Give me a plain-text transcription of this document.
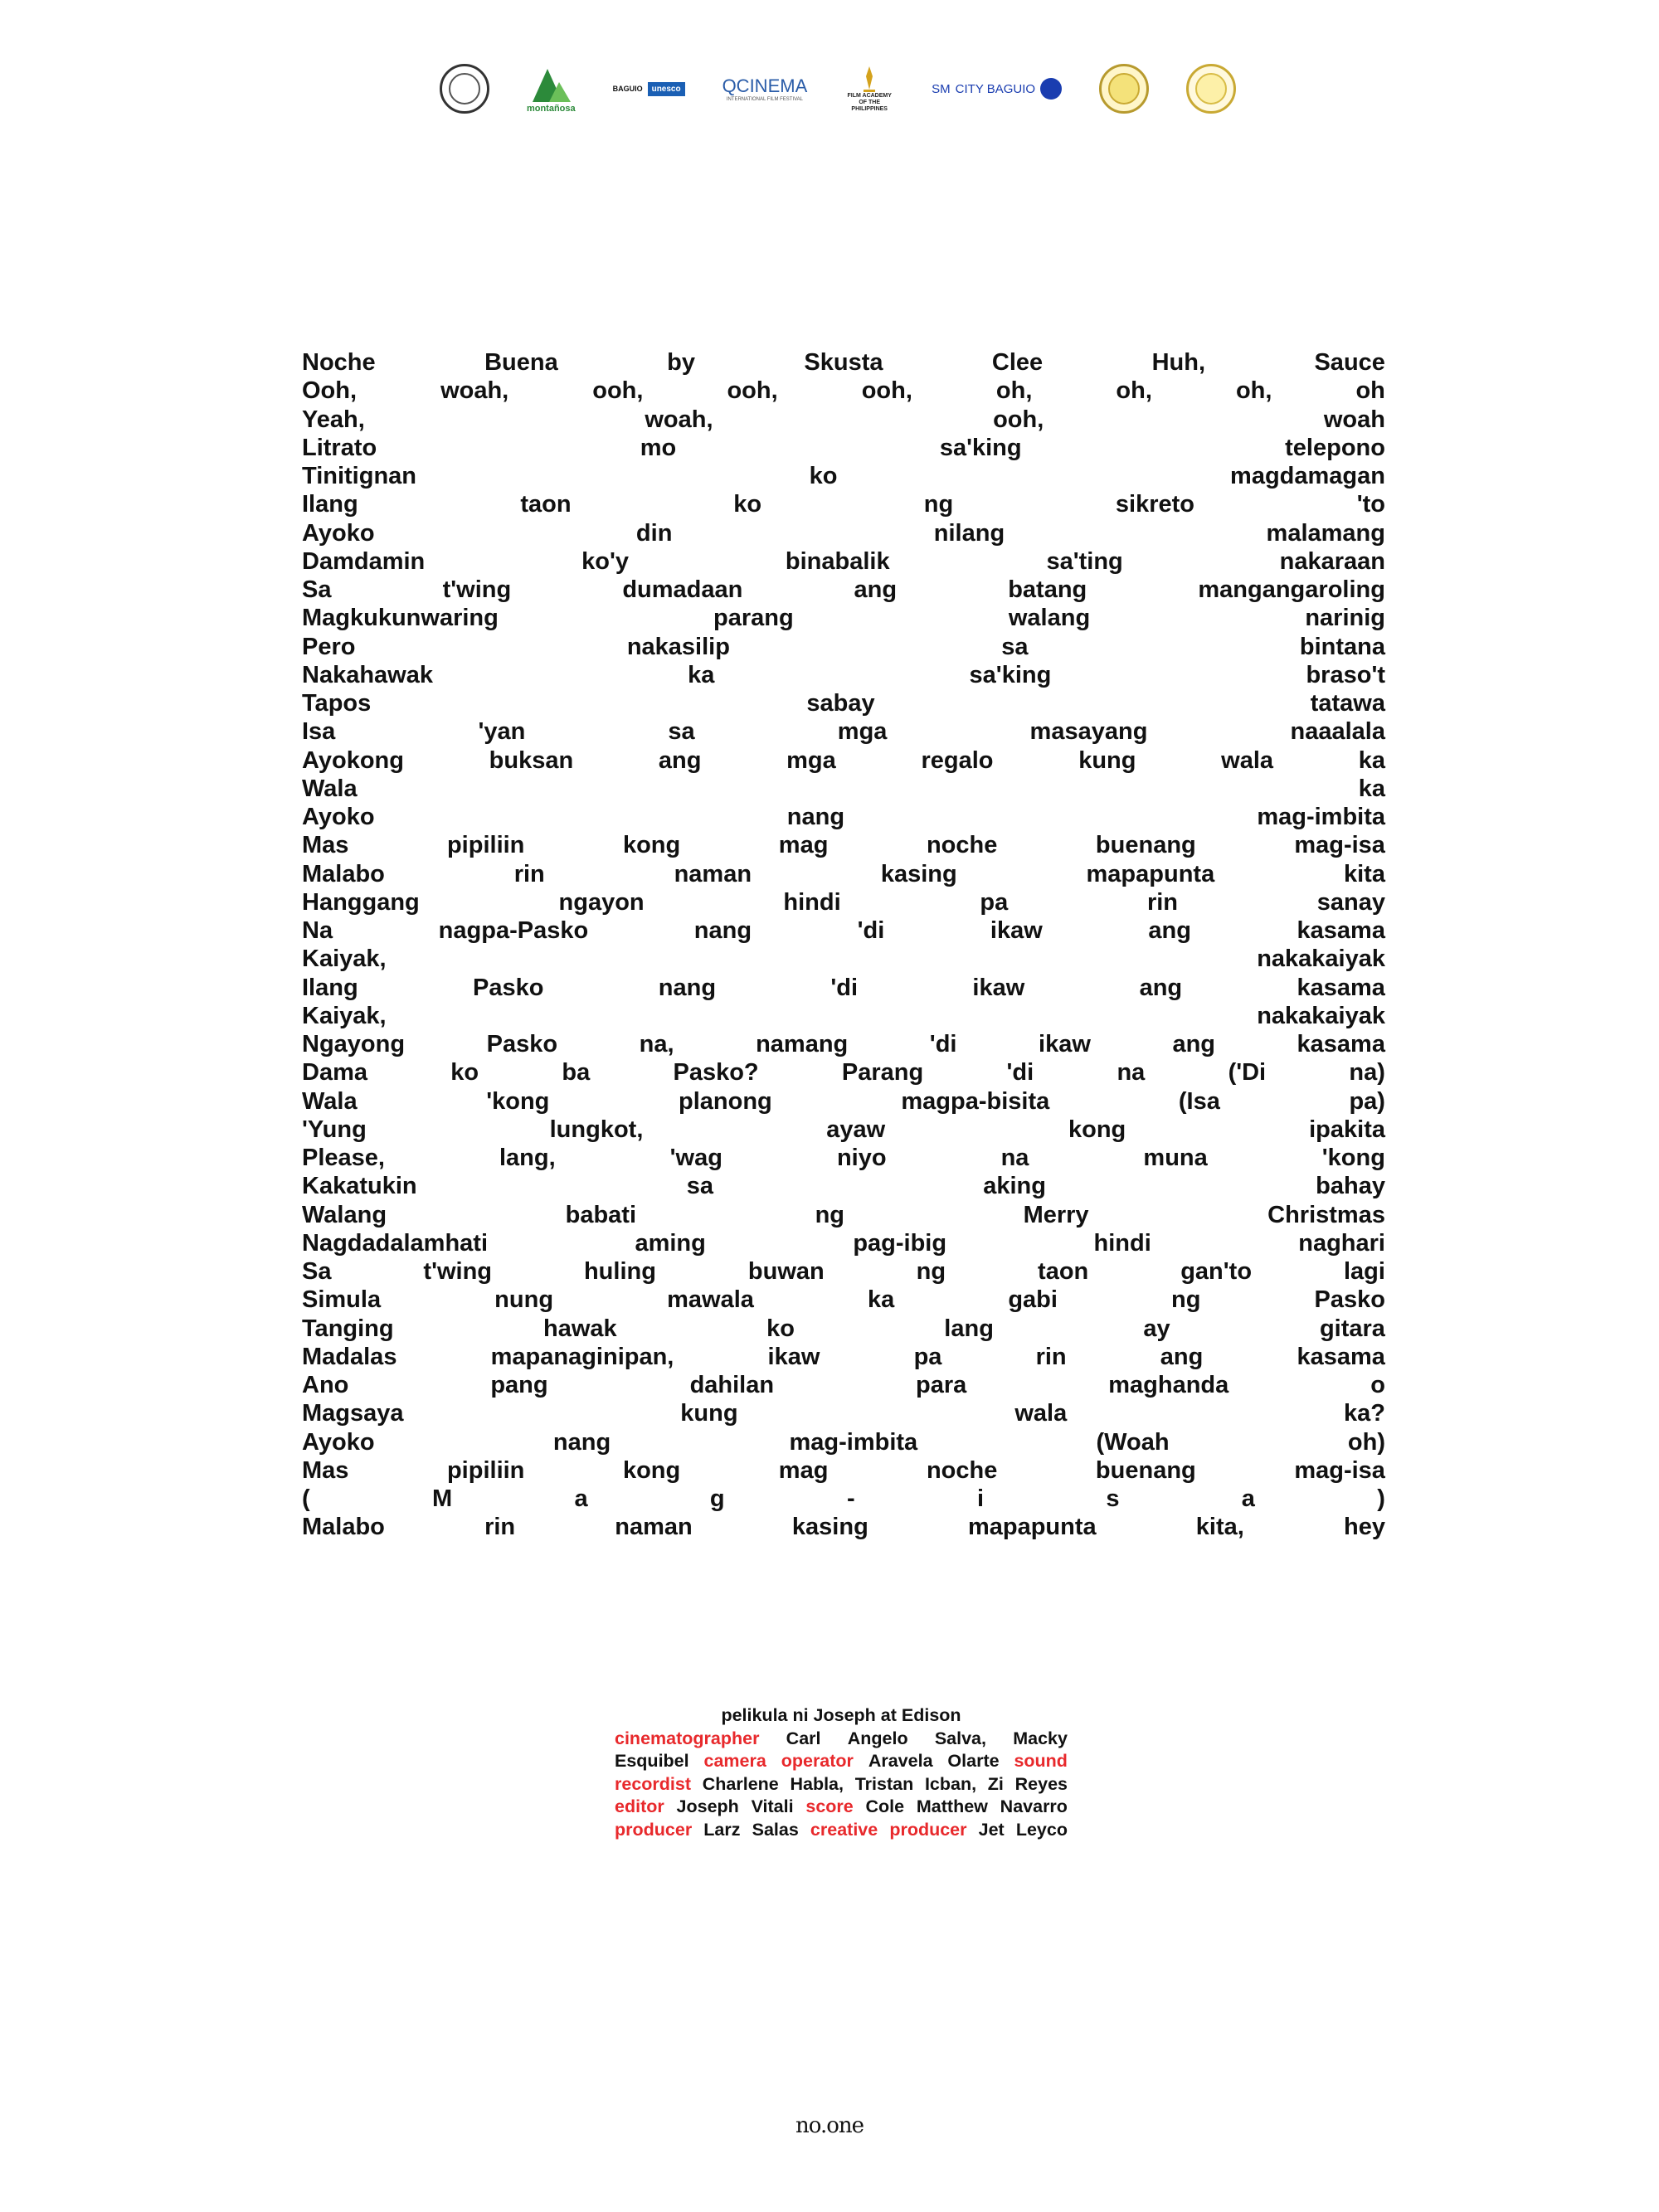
montañosa
BAGUIO	unesco QCINEMA
INTERNATIONAL FILM FESTIVAL
FILM ACADEMY OF THE PHILIPPINES
SM CITY BAGUIO
Noche	Buena	by	Skusta	Clee	Huh,	Sauce
Ooh,	woah,	ooh,	ooh,	ooh,	oh,	oh,	oh,	oh
Yeah,	woah,	ooh,	woah
Litrato	mo	sa'king	telepono
Tinitignan	ko	magdamagan
Ilang	taon	ko	ng	sikreto	'to
Ayoko	din	nilang	malamang
Damdamin	ko'y	binabalik	sa'ting	nakaraan
Sa	t'wing	dumadaan	ang	batang	mangangaroling
Magkukunwaring	parang	walang	narinig
Pero	nakasilip	sa	bintana
Nakahawak	ka	sa'king	braso't
Tapos	sabay	tatawa
Isa	'yan	sa	mga	masayang	naaalala
Ayokong	buksan	ang	mga	regalo	kung	wala	ka
Wala	ka
Ayoko	nang	mag-imbita
Mas	pipiliin	kong	mag	noche	buenang	mag-isa
Malabo	rin	naman	kasing	mapapunta	kita
Hanggang	ngayon	hindi	pa	rin	sanay
Na	nagpa-Pasko	nang	'di	ikaw	ang	kasama
Kaiyak,	nakakaiyak
Ilang	Pasko	nang	'di	ikaw	ang	kasama
Kaiyak,	nakakaiyak
Ngayong	Pasko	na,	namang	'di	ikaw	ang	kasama
Dama	ko	ba	Pasko?	Parang	'di	na	('Di	na)
Wala	'kong	planong	magpa-bisita	(Isa	pa)
'Yung	lungkot,	ayaw	kong	ipakita
Please,	lang,	'wag	niyo	na	muna	'kong
Kakatukin	sa	aking	bahay
Walang	babati	ng	Merry	Christmas
Nagdadalamhati	aming	pag-ibig	hindi	naghari
Sa	t'wing	huling	buwan	ng	taon	gan'to	lagi
Simula	nung	mawala	ka	gabi	ng	Pasko
Tanging	hawak	ko	lang	ay	gitara
Madalas	mapanaginipan,	ikaw	pa	rin	ang	kasama
Ano	pang	dahilan	para	maghanda	o
Magsaya	kung	wala	ka?
Ayoko	nang	mag-imbita	(Woah	oh)
Mas	pipiliin	kong	mag	noche	buenang	mag-isa
(	M	a	g	-	i	s	a	)
Malabo	rin	naman	kasing	mapapunta	kita,	hey
pelikula ni Joseph at Edison
cinematographer Carl Angelo Salva, Macky
Esquibel camera operator Aravela Olarte sound
recordist Charlene Habla, Tristan Icban, Zi Reyes
editor Joseph Vitali score Cole Matthew Navarro
producer Larz Salas creative producer Jet Leyco
no.one
